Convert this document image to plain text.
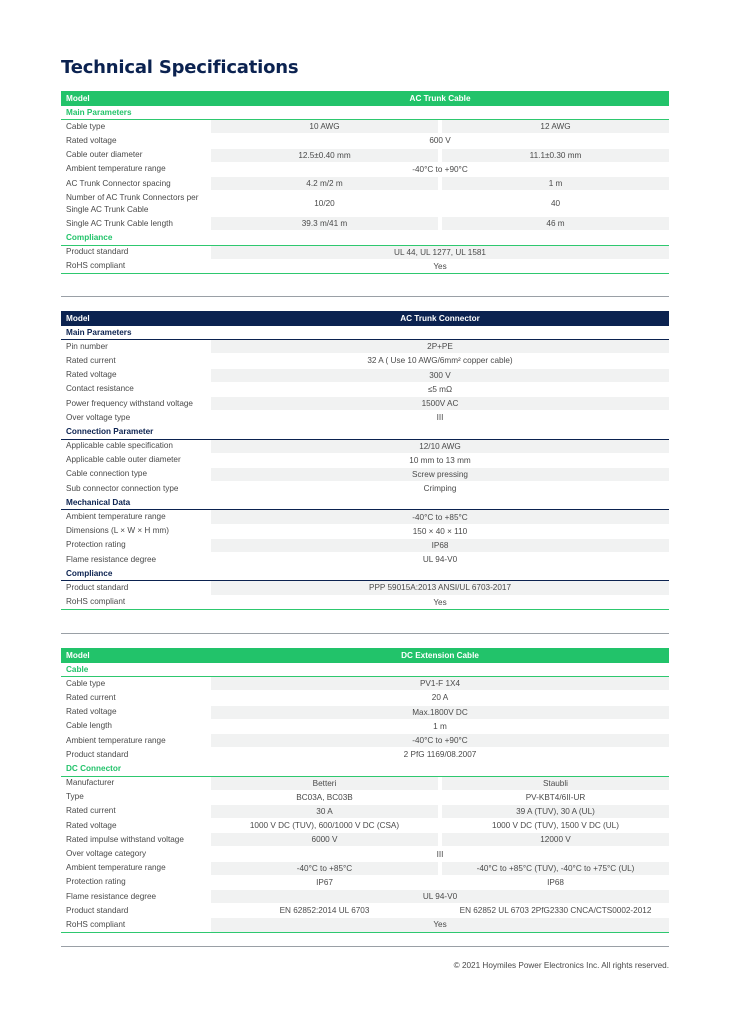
Technical Specifications
Model	AC Trunk Cable		
Main Parameters			
Cable type	10 AWG		12 AWG
Rated voltage	600 V		
Cable outer diameter	12.5±0.40 mm		11.1±0.30 mm
Ambient temperature range	-40°C to +90°C		
AC Trunk Connector spacing	4.2 m/2 m		1 m
Number of AC Trunk Connectors per Single AC Trunk Cable	10/20		40
Single AC Trunk Cable length	39.3 m/41 m		46 m
Compliance			
Product standard	UL 44, UL 1277, UL 1581		
RoHS compliant	Yes		
Model	AC Trunk Connector
Main Parameters	
Pin number	2P+PE
Rated current	32 A ( Use 10 AWG/6mm² copper cable)
Rated voltage	300 V
Contact resistance	≤5 mΩ
Power frequency withstand voltage	1500V AC
Over voltage type	III
Connection Parameter	
Applicable cable specification	12/10 AWG
Applicable cable outer diameter	10 mm to 13 mm
Cable connection type	Screw pressing
Sub connector connection type	Crimping
Mechanical Data	
Ambient temperature range	-40°C to +85°C
Dimensions (L × W × H mm)	150 × 40 × 110
Protection rating	IP68
Flame resistance degree	UL 94-V0
Compliance	
Product standard	PPP 59015A:2013 ANSI/UL 6703-2017
RoHS compliant	Yes
Model	DC Extension Cable		
Cable			
Cable type	PV1-F 1X4		
Rated current	20 A		
Rated voltage	Max.1800V DC		
Cable length	1 m		
Ambient temperature range	-40°C to +90°C		
Product standard	2 PfG 1169/08.2007		
DC Connector			
Manufacturer	Betteri		Staubli
Type	BC03A, BC03B		PV-KBT4/6II-UR
Rated current	30 A		39 A (TUV), 30 A (UL)
Rated voltage	1000 V DC (TUV), 600/1000 V DC (CSA)		1000 V DC (TUV), 1500 V DC (UL)
Rated impulse withstand voltage	6000 V		12000 V
Over voltage category	III		
Ambient temperature range	-40°C to +85°C		-40°C to +85°C (TUV), -40°C to +75°C (UL)
Protection rating	IP67		IP68
Flame resistance degree	UL 94-V0		
Product standard	EN 62852:2014 UL 6703		EN 62852 UL 6703 2PfG2330 CNCA/CTS0002-2012
RoHS compliant	Yes		
© 2021 Hoymiles Power Electronics Inc. All rights reserved.
